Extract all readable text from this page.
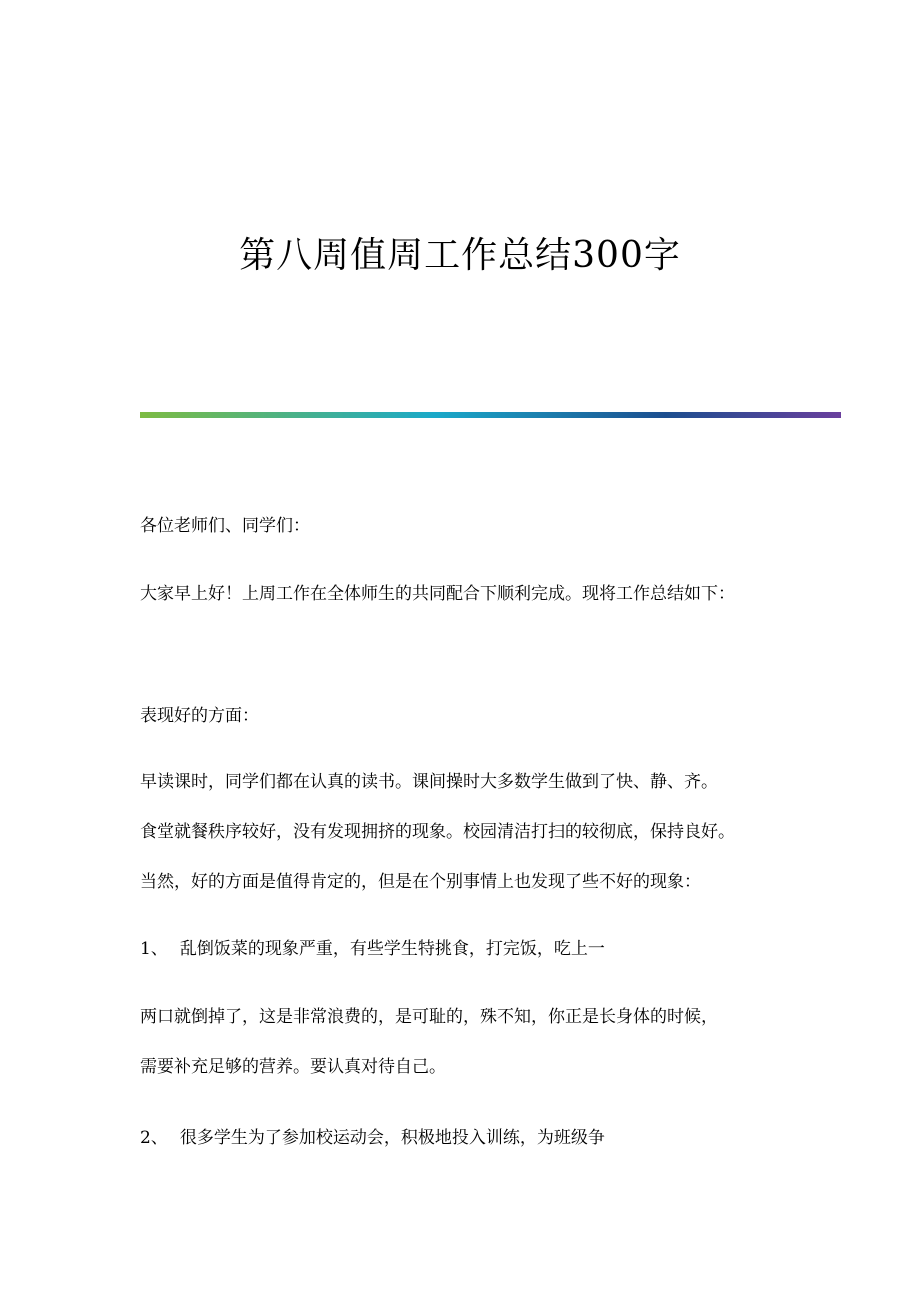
第八周值周工作总结300字
各位老师们、同学们：
大家早上好！上周工作在全体师生的共同配合下顺利完成。现将工作总结如下：
表现好的方面：
早读课时，同学们都在认真的读书。课间操时大多数学生做到了快、静、齐。
食堂就餐秩序较好，没有发现拥挤的现象。校园清洁打扫的较彻底，保持良好。
当然，好的方面是值得肯定的，但是在个别事情上也发现了些不好的现象：
1、 乱倒饭菜的现象严重，有些学生特挑食，打完饭，吃上一
两口就倒掉了，这是非常浪费的，是可耻的，殊不知，你正是长身体的时候，
需要补充足够的营养。要认真对待自己。
2、 很多学生为了参加校运动会，积极地投入训练，为班级争
